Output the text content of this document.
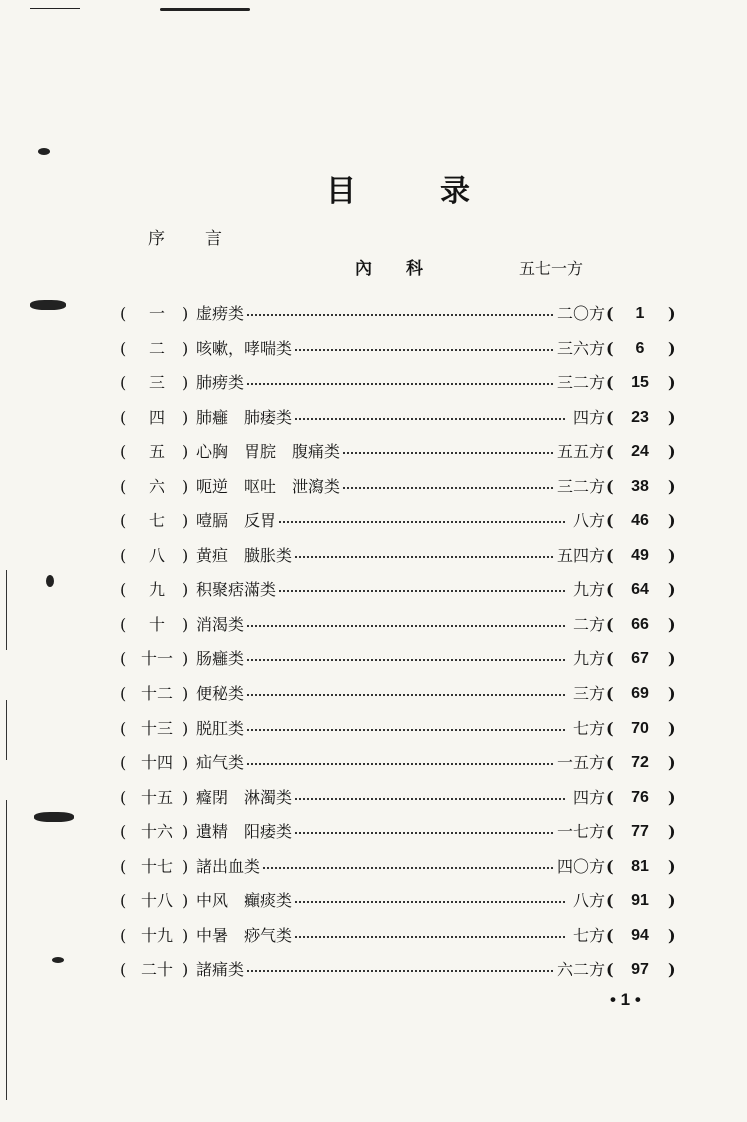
目	录
序言
內科	五七一方
(	一	) 虚痨类	二〇方 (	1	)
(	二	) 咳嗽，哮喘类	三六方 (	6	)
(	三	) 肺痨类	三二方 (	15	)
(	四	) 肺癰　肺痿类	四方 (	23	)
(	五	) 心胸　胃脘　腹痛类	五五方 (	24	)
(	六	) 呃逆　呕吐　泄瀉类	三二方 (	38	)
(	七	) 噎膈　反胃	八方 (	46	)
(	八	) 黄疸　臌胀类	五四方 (	49	)
(	九	) 积聚痞滿类	九方 (	64	)
(	十	) 消渴类	二方 (	66	)
( 十一 ) 肠癰类	九方 (	67	)
( 十二 ) 便秘类	三方 (	69	)
( 十三 ) 脱肛类	七方 (	70	)
( 十四 ) 疝气类	一五方 (	72	)
( 十五 ) 癃閉　淋濁类	四方 (	76	)
( 十六 ) 遺精　阳痿类	一七方 (	77	)
( 十七 ) 諸出血类	四〇方 (	81	)
( 十八 ) 中风　癲痰类	八方 (	91	)
( 十九 ) 中暑　痧气类	七方 (	94	)
( 二十 ) 諸痛类	六二方 (	97	)
• 1 •
